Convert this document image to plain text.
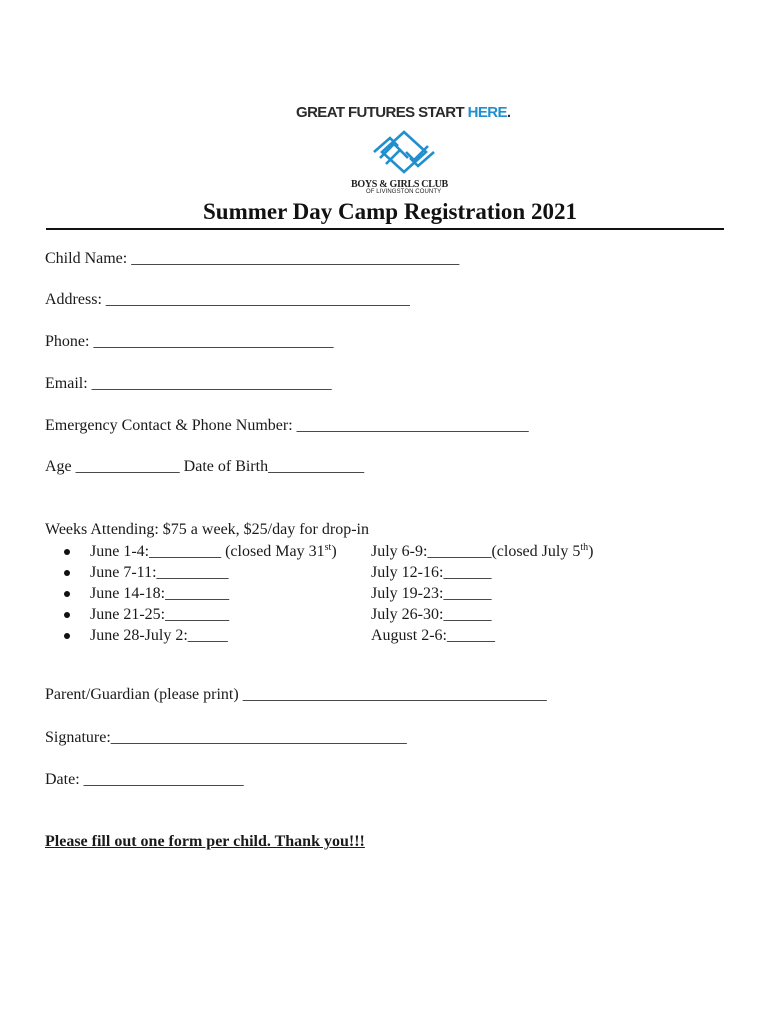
GREAT FUTURES START HERE.
BOYS & GIRLS CLUB
OF LIVINGSTON COUNTY
Summer Day Camp Registration 2021
Child Name: _________________________________________
Address: ______________________________________
Phone: ______________________________
Email: ______________________________
Emergency Contact & Phone Number: _____________________________
Age _____________ Date of Birth____________
Weeks Attending: $75 a week, $25/day for drop-in
June 1-4:_________ (closed May 31st)
June 7-11:_________
June 14-18:________
June 21-25:________
June 28-July 2:_____
July 6-9:________(closed July 5th)
July 12-16:______
July 19-23:______
July 26-30:______
August 2-6:______
Parent/Guardian (please print) ______________________________________
Signature:_____________________________________
Date: ____________________
Please fill out one form per child. Thank you!!!
